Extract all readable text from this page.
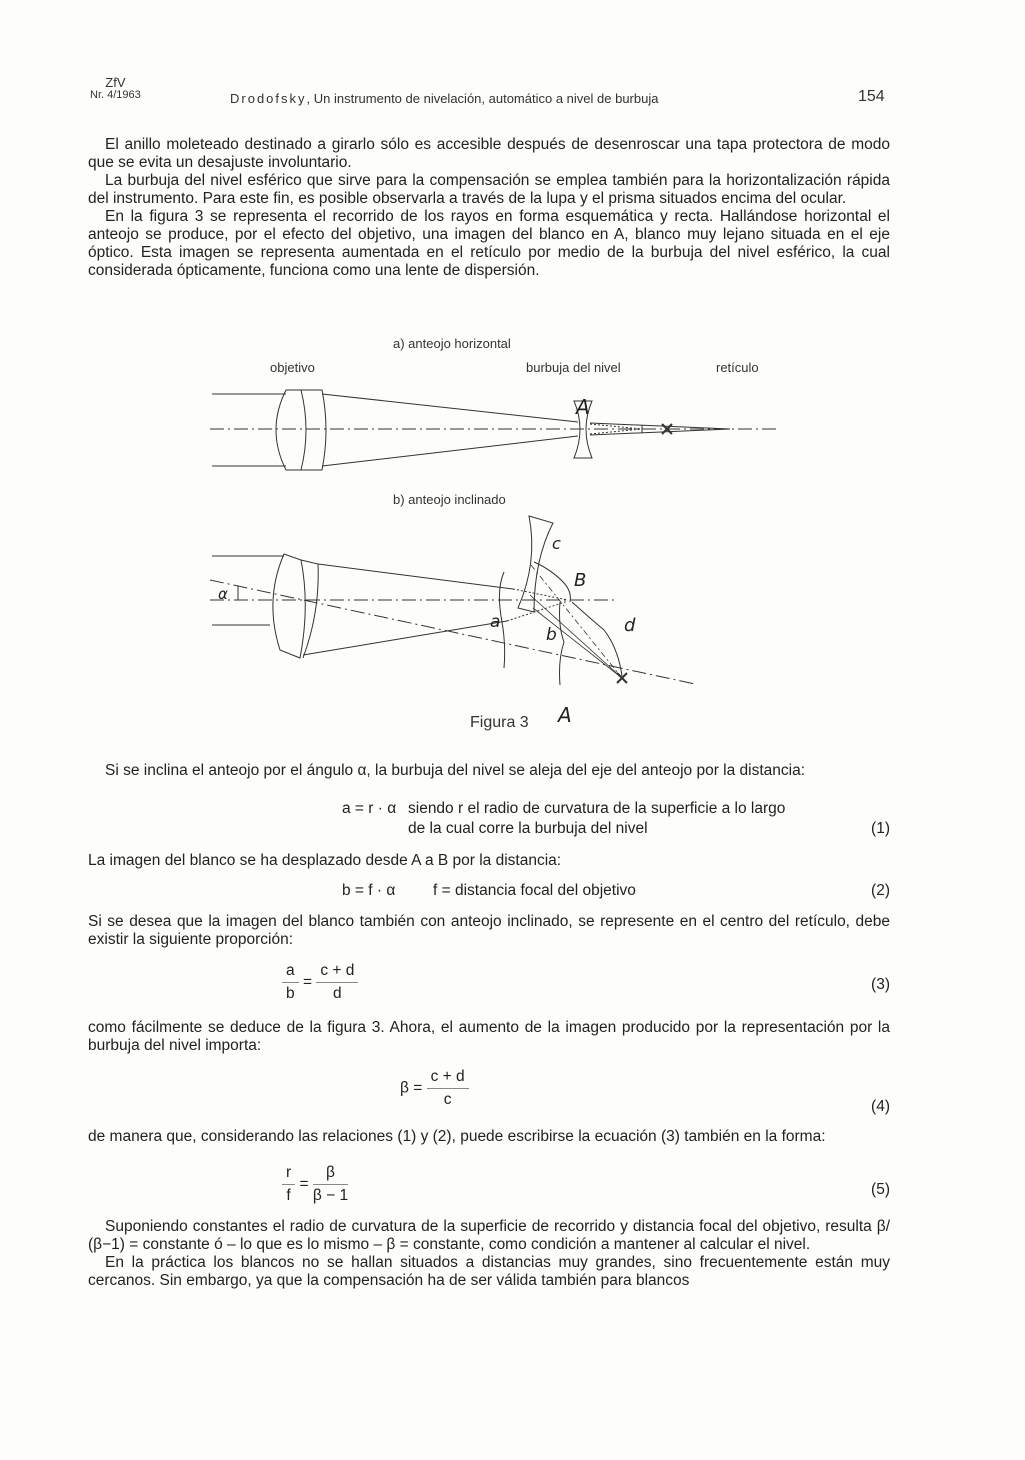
ZfV
Nr. 4/1963	Drodofsky, Un instrumento de nivelación, automático a nivel de burbuja	154

El anillo moleteado destinado a girarlo sólo es accesible después de desenroscar una tapa protectora de modo que se evita un desajuste involuntario.

La burbuja del nivel esférico que sirve para la compensación se emplea también para la horizontalización rápida del instrumento. Para este fin, es posible observarla a través de la lupa y el prisma situados encima del ocular.

En la figura 3 se representa el recorrido de los rayos en forma esquemática y recta. Hallándose horizontal el anteojo se produce, por el efecto del objetivo, una imagen del blanco en A, blanco muy lejano situada en el eje óptico. Esta imagen se representa aumentada en el retículo por medio de la burbuja del nivel esférico, la cual considerada ópticamente, funciona como una lente de dispersión.

a) anteojo horizontal
objetivo	burbuja del nivel	retículo
b) anteojo inclinado
A
B
c
d
a
b
A
α
Figura 3

Si se inclina el anteojo por el ángulo α, la burbuja del nivel se aleja del eje del anteojo por la distancia:

a = r · α siendo r el radio de curvatura de la superficie a lo largo
de la cual corre la burbuja del nivel	(1)

La imagen del blanco se ha desplazado desde A a B por la distancia:

b = f · α f = distancia focal del objetivo	(2)

Si se desea que la imagen del blanco también con anteojo inclinado, se represente en el centro del retículo, debe existir la siguiente proporción:

$\frac{a}{b} = \frac{c + d}{d}$	(3)

como fácilmente se deduce de la figura 3. Ahora, el aumento de la imagen producido por la representación por la burbuja del nivel importa:

$\beta = \frac{c + d}{c}$	(4)

de manera que, considerando las relaciones (1) y (2), puede escribirse la ecuación (3) también en la forma:

$\frac{r}{f} = \frac{\beta}{\beta - 1}$	(5)

Suponiendo constantes el radio de curvatura de la superficie de recorrido y distancia focal del objetivo, resulta β/ (β−1) = constante ó – lo que es lo mismo – β = constante, como condición a mantener al calcular el nivel.

En la práctica los blancos no se hallan situados a distancias muy grandes, sino frecuentemente están muy cercanos. Sin embargo, ya que la compensación ha de ser válida también para blancos
